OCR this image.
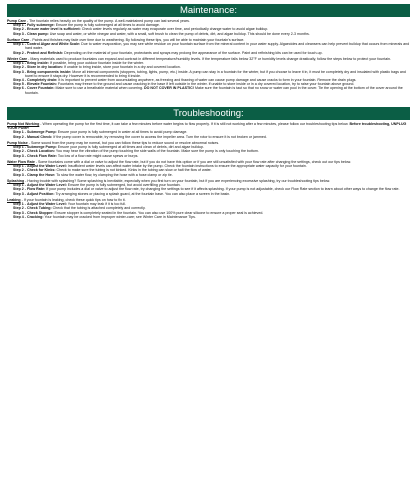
Maintenance:
Pump Care - The fountain relies heavily on the quality of the pump. A well-maintained pump can last several years.
Step 1 - Fully submerge: Ensure the pump is fully submerged at all times to avoid damage.
Step 2 - Ensure water level is sufficient: Check water levels regularly as water may evaporate over time, and periodically change water to avoid algae buildup.
Step 3 - Clean pump: Use soap and water, or white vinegar and water, with a small, soft brush to clean the pump of debris, dirt, and algae buildup. This should be done every 2-3 months.
Surface Care - Paints and finishes may fade over time due to weathering. By following these tips, you will be able to maintain your fountain's surface.
Step 1 - Control Algae and White Scale: Due to water evaporation, you may see white residue on your fountain surface from the mineral content in your water supply. Algaecides and cleansers can help prevent buildup that occurs from minerals and hard water.
Step 2 - Protect and Refinish: Depending on the material of your fountain, protectants and sprays may prolong the appearance of the surface. Paint and refinishing kits can be used for touch-up.
Winter Care - Many materials used to produce fountains can expand and contract in different temperature/humidity levels. If the temperature falls below 32°F or humidity levels change drastically, follow the steps below to protect your fountain.
Step 1 - Bring inside: If possible, bring your outdoor fountain inside for the winter.
Step 2 - Store in dry location: If unable to bring inside, store your fountain in a dry and covered location.
Step 3 - Bring components inside: Move all internal components (stoppers, tubing, lights, pump, etc.) inside. A pump can stay in a fountain for the winter, but if you choose to leave it in, it must be completely dry and insulated with plastic bags and towel to ensure it stays dry. However it is recommended to bring it inside.
Step 4 - Completely drain: It is important to prevent water from accumulating anywhere, as freezing and thawing of water can cause pump damage and cause cracks to form in your fountain. Remove the drain plugs.
Step 5 - Elevate Fountain: Fountains may freeze to the ground and cause cracking in the base if left outside in the winter. If unable to store inside or in a dry covered location, try to raise your fountain above ground.
Step 6 - Cover Fountain: Make sure to use a breathable material when covering. DO NOT COVER IN PLASTIC! Make sure the fountain is taut so that no snow or water can pool in the cover. Tie the opening at the bottom of the cover around the fountain.
Troubleshooting:
Pump Not Working - When operating the pump for the first time, it can take a few minutes before water begins to flow properly. If it is still not working after a few minutes, please follow our troubleshooting tips below. Before troubleshooting, UNPLUG YOUR PUMP.
Step 1 - Submerge Pump: Ensure your pump is fully submerged in water at all times to avoid pump damage.
Step 2 - Manual Check: If the pump cover is removable, try removing the cover to access the impeller area. Turn the rotor to ensure it is not broken or jammed.
Pump Noise - Some sound from the pump may be normal, but you can follow these tips to reduce sound or resolve abnormal noises.
Step 1 - Submerge Pump: Ensure your pump is fully submerged at all times and clean of debris, dirt and algae buildup.
Step 2 - Check Location: You may hear the vibration of the pump touching the side walls of the fountain. Make sure the pump is only touching the bottom.
Step 3 - Check Flow Rate: Too low of a flow rate might cause spews or burps.
Water Flow Rate - Some fountains come with a dial or valve to adjust the flow rate, but if you do not have this option or if you are still unsatisfied with your flow rate after changing the settings, check out our tips below.
Step 1 - Adjust the Water Level: Insufficient water levels can affect water intake by the pump. Check the fountain instructions to ensure the appropriate water capacity for your fountain.
Step 2 - Check for Kinks: Check to make sure the tubing is not kinked. Kinks in the tubing can slow or halt the flow of water.
Step 3 - Clamp the Hose: To slow the water flow, try clamping the hose with a hose clamp or zip tie.
Splashing - Having trouble with splashing? Some splashing is inevitable, especially when you first turn on your fountain, but if you are experiencing excessive splashing, try our troubleshooting tips below.
Step 1 - Adjust the Water Level: Ensure the pump is fully submerged, but avoid overfilling your fountain.
Step 2 - Flow Rate: If your pump includes a dial or valve to adjust the flow rate, try changing the settings to see if it affects splashing. If your pump is not adjustable, check our Flow Rate section to learn about other ways to change the flow rate.
Step 3 - Adjust Position: Try arranging stones or placing a splash guard, at the fountain base. You can also place a screen in the basin.
Leaking - If your fountain is leaking, check these quick tips on how to fix it.
Step 1 - Adjust the Water Level: Your fountain may leak if it is too full.
Step 2 - Check Tubing: Check that the tubing is attached completely and correctly.
Step 3 - Check Stopper: Ensure stopper is completely seated in the fountain. You can also use 100% pure clear silicone to ensure a proper seal is achieved.
Step 4 - Cracking: Your fountain may be cracked from improper winter-care; see Winter Care in Maintenance Tips.
